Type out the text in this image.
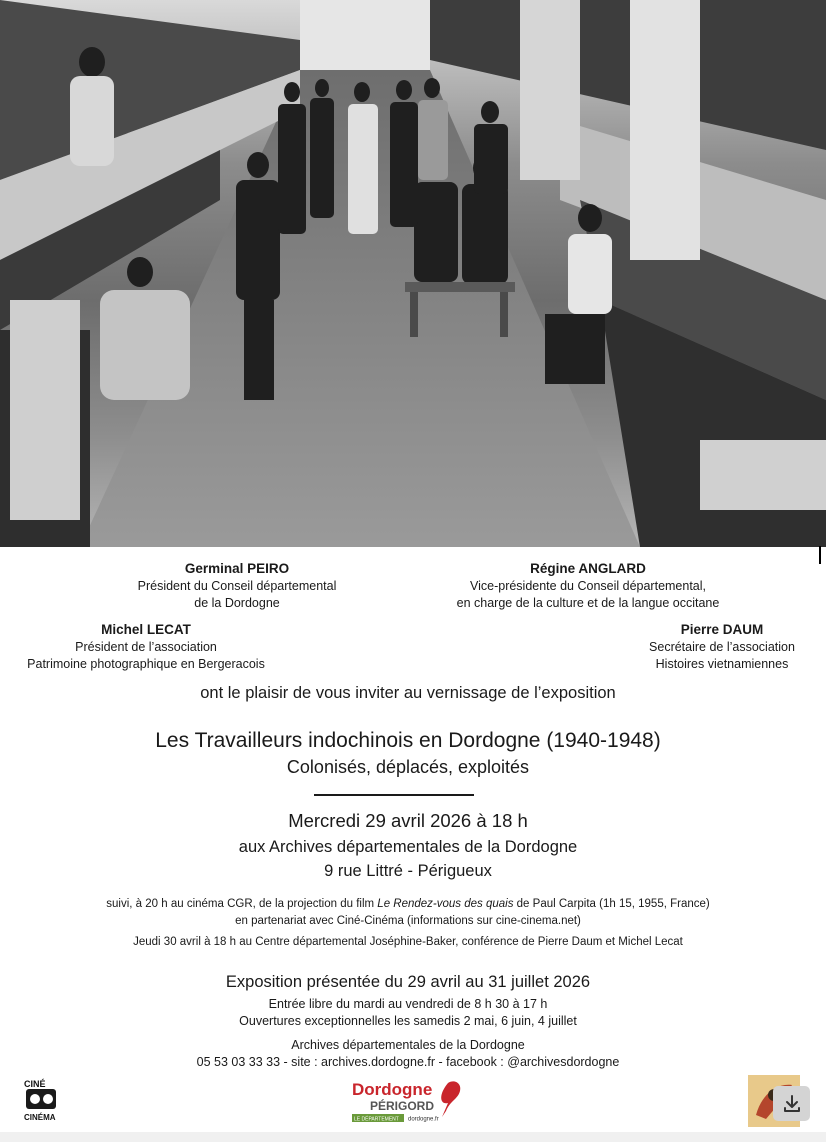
Germinal PEIRO
Président du Conseil départemental
de la Dordogne
Régine ANGLARD
Vice-présidente du Conseil départemental,
en charge de la culture et de la langue occitane
Michel LECAT
Président de l’association
Patrimoine photographique en Bergeracois
Pierre DAUM
Secrétaire de l’association
Histoires vietnamiennes
ont le plaisir de vous inviter au vernissage de l’exposition
Les Travailleurs indochinois en Dordogne (1940-1948)
Colonisés, déplacés, exploités
Mercredi 29 avril 2026 à 18 h
aux Archives départementales de la Dordogne
9 rue Littré - Périgueux
suivi, à 20 h au cinéma CGR, de la projection du film Le Rendez-vous des quais de Paul Carpita (1h 15, 1955, France)
en partenariat avec Ciné-Cinéma (informations sur cine-cinema.net)
Jeudi 30 avril à 18 h au Centre départemental Joséphine-Baker, conférence de Pierre Daum et Michel Lecat
Exposition présentée du 29 avril au 31 juillet 2026
Entrée libre du mardi au vendredi de 8 h 30 à 17 h
Ouvertures exceptionnelles les samedis 2 mai, 6 juin, 4 juillet
Archives départementales de la Dordogne
05 53 03 33 33 - site : archives.dordogne.fr - facebook : @archivesdordogne
CINÉ
CINÉMA
Dordogne
PÉRIGORD
LE DÉPARTEMENT dordogne.fr
